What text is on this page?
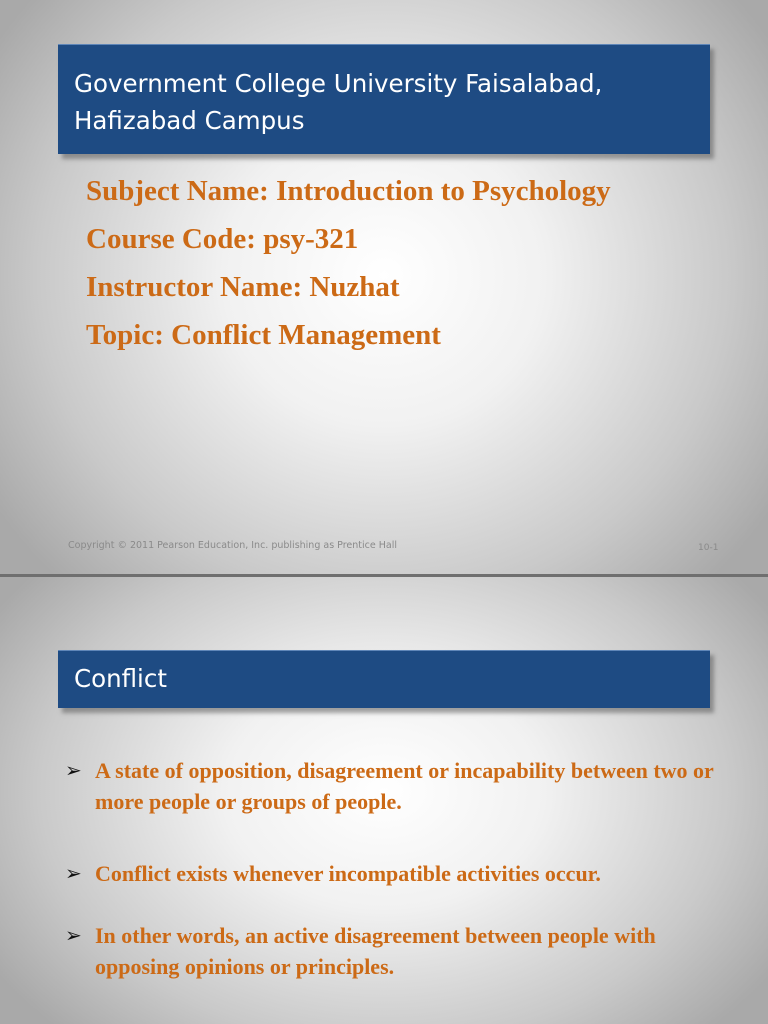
Government College University Faisalabad,
Hafizabad Campus
Subject Name: Introduction to Psychology
Course Code: psy-321
Instructor Name: Nuzhat
Topic: Conflict Management
Copyright © 2011 Pearson Education, Inc. publishing as Prentice Hall	10-1
Conflict
➢ A state of opposition, disagreement or incapability between two or more people or groups of people.
➢ Conflict exists whenever incompatible activities occur.
➢ In other words, an active disagreement between people with opposing opinions or principles.
